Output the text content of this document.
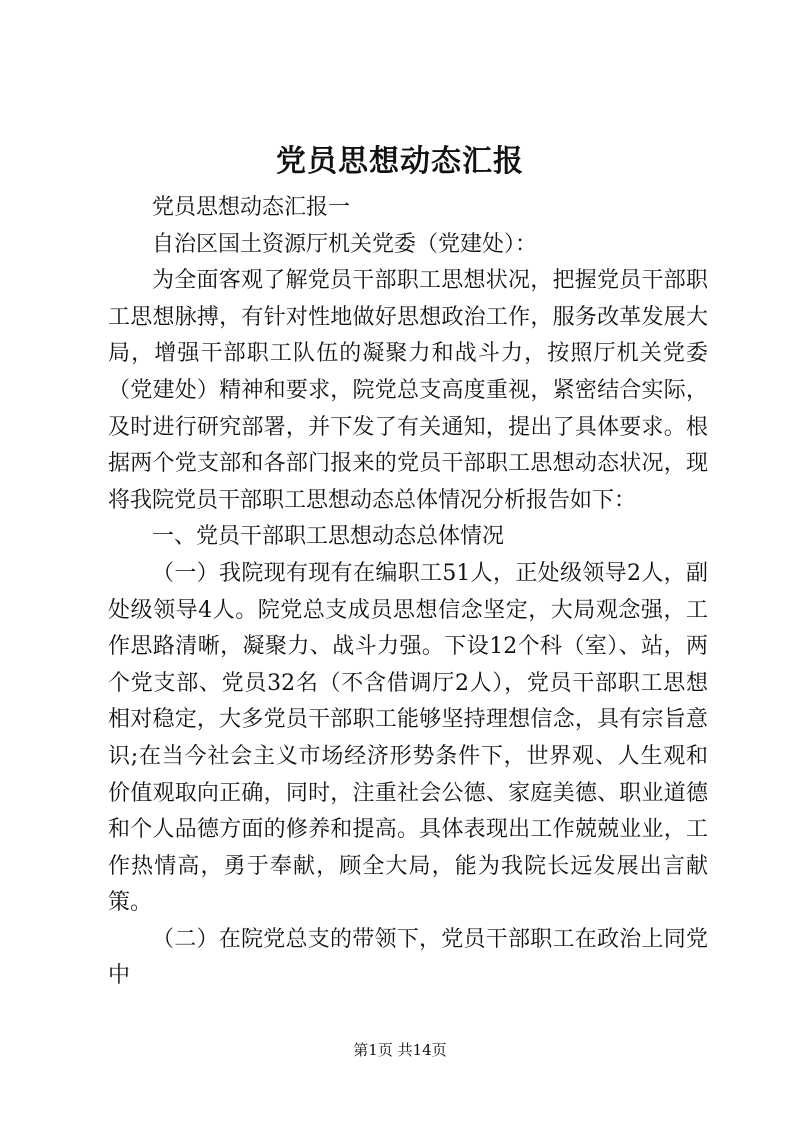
党员思想动态汇报

党员思想动态汇报一

自治区国土资源厅机关党委（党建处）：

为全面客观了解党员干部职工思想状况，把握党员干部职工思想脉搏，有针对性地做好思想政治工作，服务改革发展大局，增强干部职工队伍的凝聚力和战斗力，按照厅机关党委（党建处）精神和要求，院党总支高度重视，紧密结合实际，及时进行研究部署，并下发了有关通知，提出了具体要求。根据两个党支部和各部门报来的党员干部职工思想动态状况，现将我院党员干部职工思想动态总体情况分析报告如下：

一、党员干部职工思想动态总体情况

（一）我院现有现有在编职工51人，正处级领导2人，副处级领导4人。院党总支成员思想信念坚定，大局观念强，工作思路清晰，凝聚力、战斗力强。下设12个科（室）、站，两个党支部、党员32名（不含借调厅2人），党员干部职工思想相对稳定，大多党员干部职工能够坚持理想信念，具有宗旨意识;在当今社会主义市场经济形势条件下，世界观、人生观和价值观取向正确，同时，注重社会公德、家庭美德、职业道德和个人品德方面的修养和提高。具体表现出工作兢兢业业，工作热情高，勇于奉献，顾全大局，能为我院长远发展出言献策。

（二）在院党总支的带领下，党员干部职工在政治上同党中

第1页 共14页
